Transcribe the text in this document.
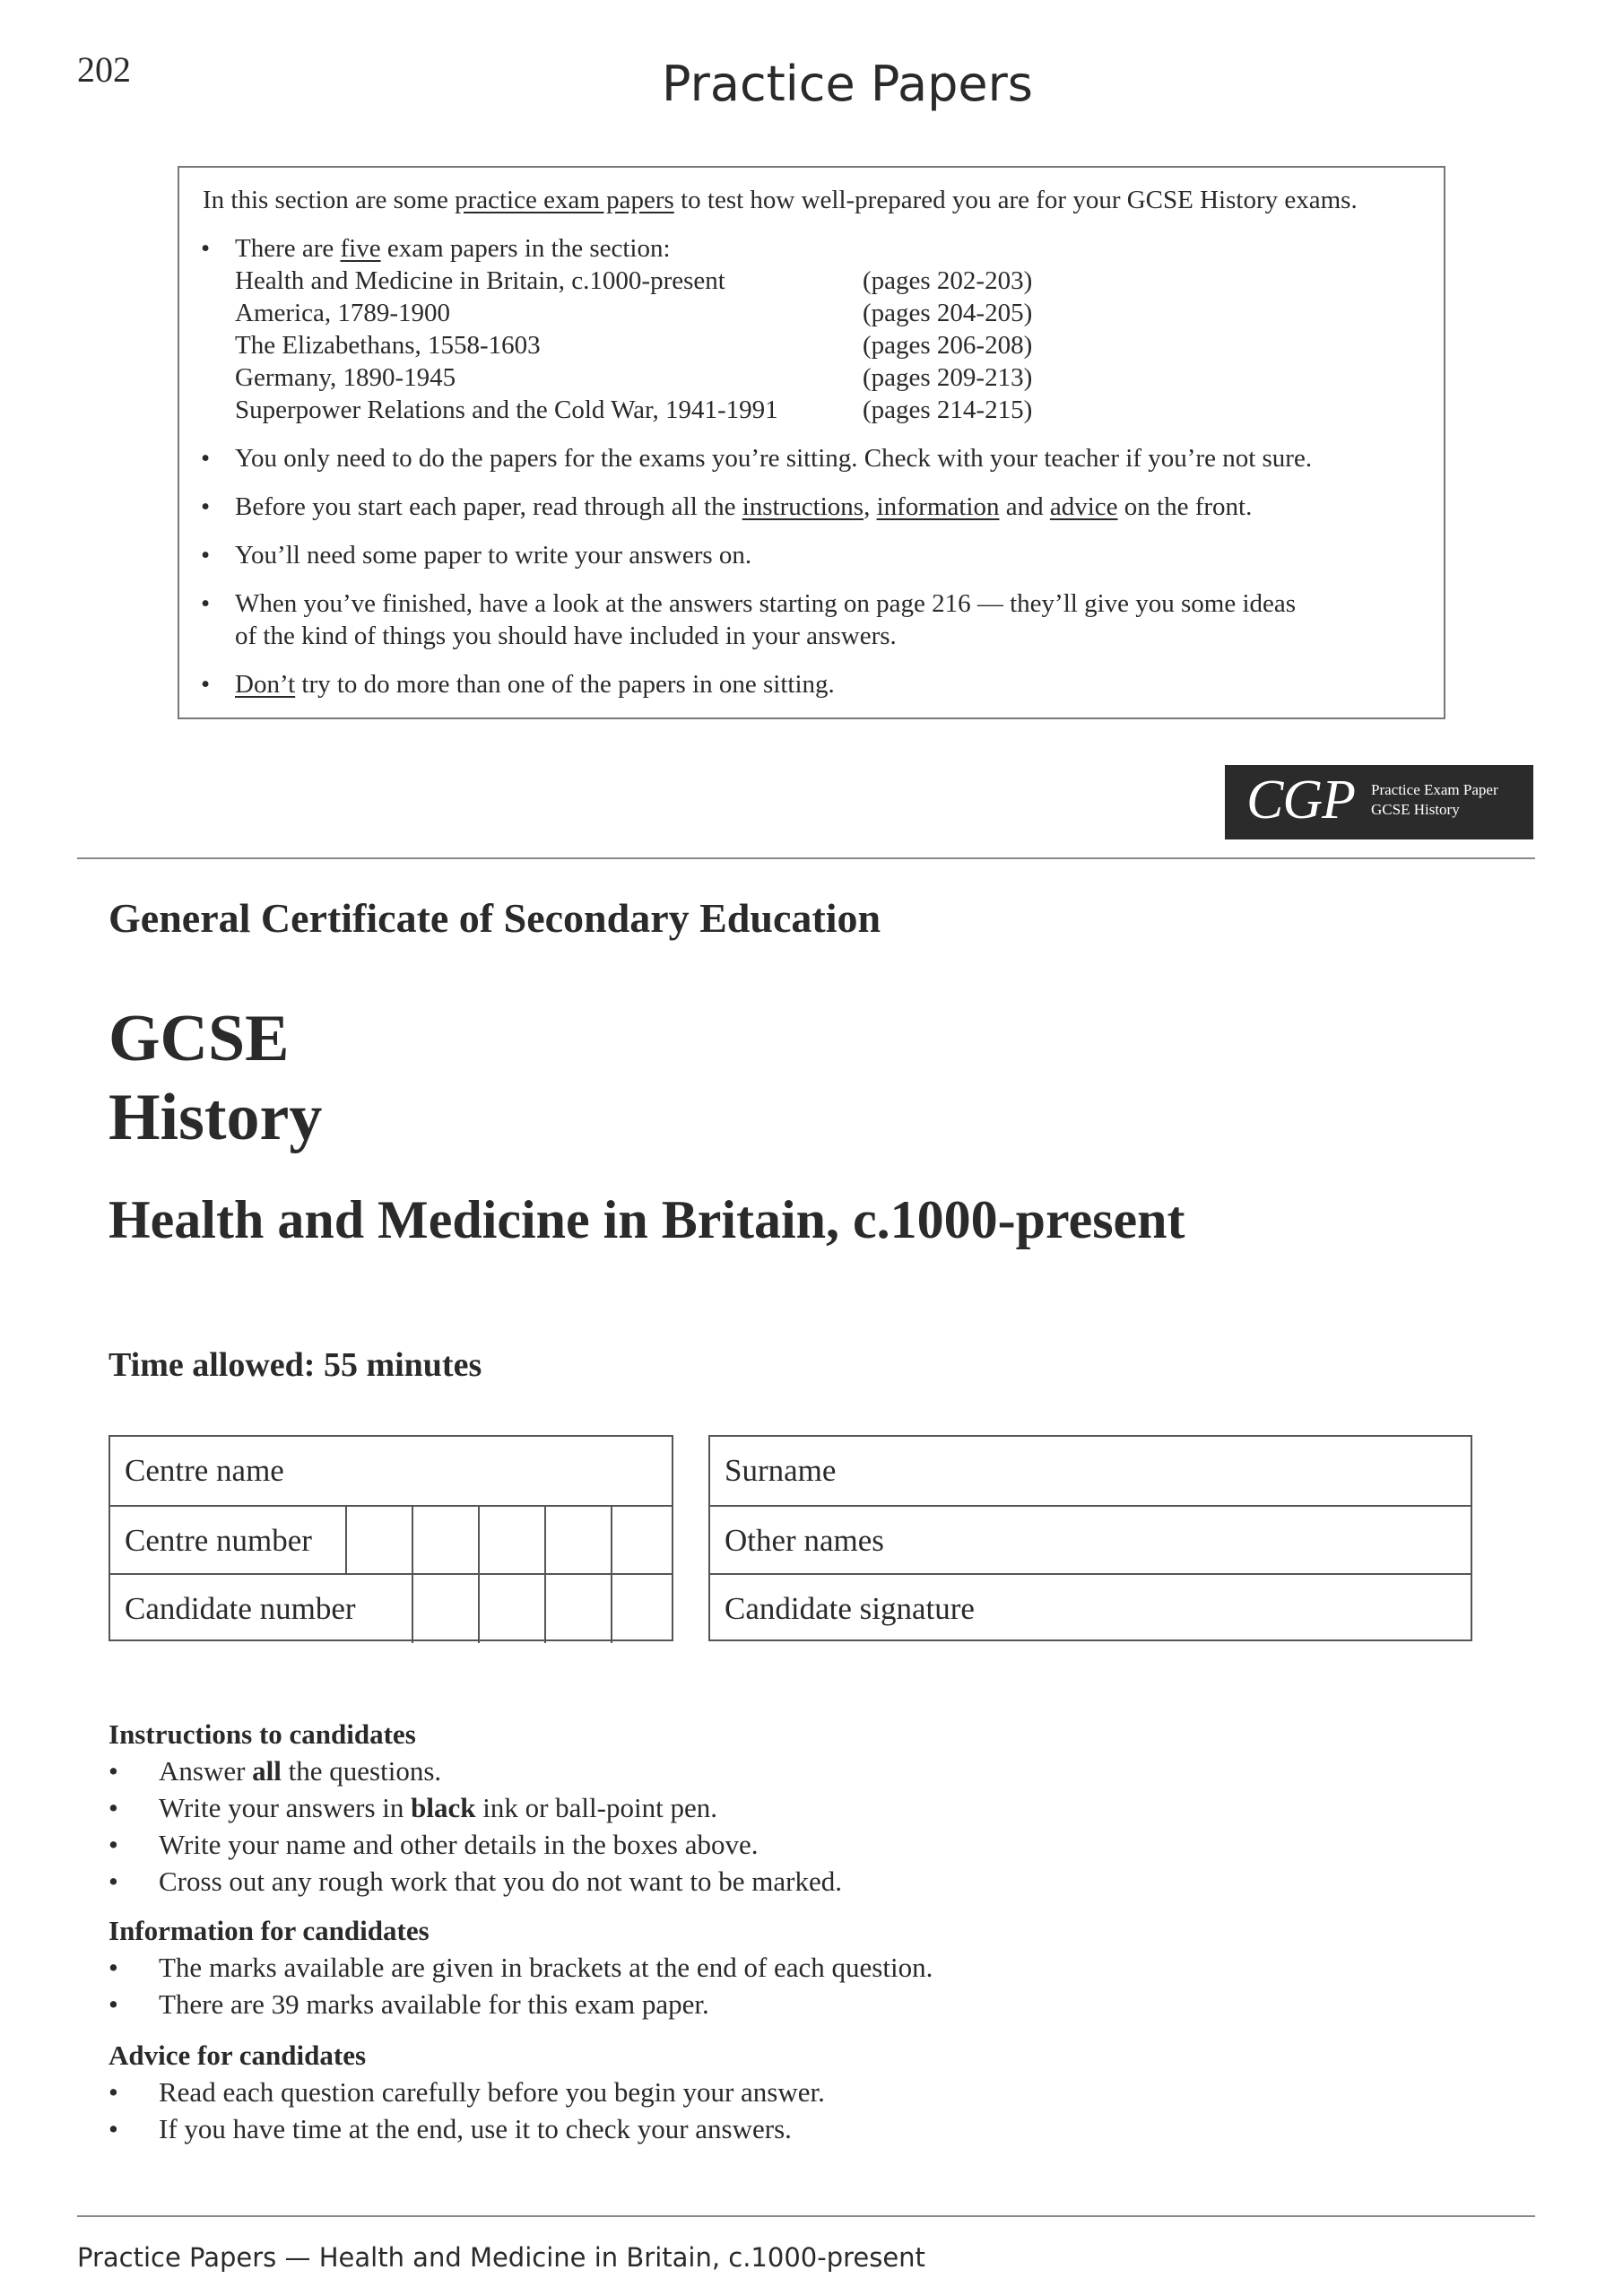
202	Practice Papers
In this section are some practice exam papers to test how well-prepared you are for your GCSE History exams.
• There are five exam papers in the section:
Health and Medicine in Britain, c.1000-present	(pages 202-203)
America, 1789-1900	(pages 204-205)
The Elizabethans, 1558-1603	(pages 206-208)
Germany, 1890-1945	(pages 209-213)
Superpower Relations and the Cold War, 1941-1991	(pages 214-215)
• You only need to do the papers for the exams you’re sitting. Check with your teacher if you’re not sure.
• Before you start each paper, read through all the instructions, information and advice on the front.
• You’ll need some paper to write your answers on.
• When you’ve finished, have a look at the answers starting on page 216 — they’ll give you some ideas
of the kind of things you should have included in your answers.
• Don’t try to do more than one of the papers in one sitting.
CGP Practice Exam Paper
GCSE History
General Certificate of Secondary Education
GCSE
History
Health and Medicine in Britain, c.1000-present
Time allowed: 55 minutes
Centre name
Centre number
Candidate number
Surname
Other names
Candidate signature
Instructions to candidates
• Answer all the questions.
• Write your answers in black ink or ball-point pen.
• Write your name and other details in the boxes above.
• Cross out any rough work that you do not want to be marked.
Information for candidates
• The marks available are given in brackets at the end of each question.
• There are 39 marks available for this exam paper.
Advice for candidates
• Read each question carefully before you begin your answer.
• If you have time at the end, use it to check your answers.
Practice Papers — Health and Medicine in Britain, c.1000-present
